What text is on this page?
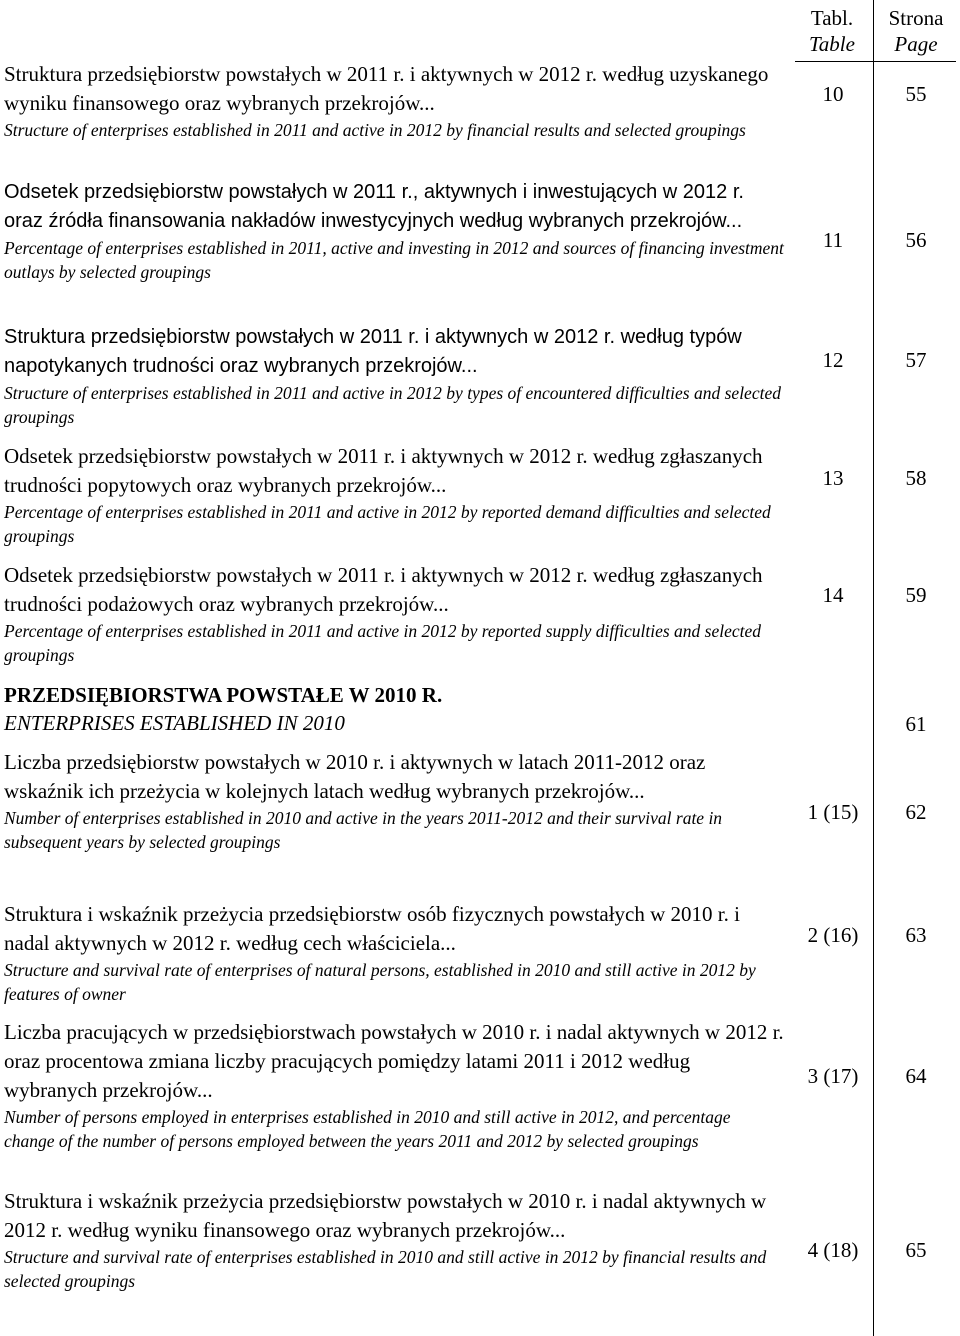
Tabl.
Table
Strona
Page
Struktura przedsiębiorstw powstałych w 2011 r. i aktywnych w 2012 r. według uzyskanego wyniku finansowego oraz wybranych przekrojów...
Structure of enterprises established in 2011 and active in 2012 by financial results and selected groupings
10	55
Odsetek przedsiębiorstw powstałych w 2011 r., aktywnych i inwestujących w 2012 r. oraz źródła finansowania nakładów inwestycyjnych według wybranych przekrojów...
Percentage of enterprises established in 2011, active and investing in 2012 and sources of financing investment outlays by selected groupings
11	56
Struktura przedsiębiorstw powstałych w 2011 r. i aktywnych w 2012 r. według typów napotykanych trudności oraz wybranych przekrojów...
Structure of enterprises established in 2011 and active in 2012 by types of encountered difficulties and selected groupings
12	57
Odsetek przedsiębiorstw powstałych w 2011 r. i aktywnych w 2012 r. według zgłaszanych trudności popytowych oraz wybranych przekrojów...
Percentage of enterprises established in 2011 and active in 2012 by reported demand difficulties and selected groupings
13	58
Odsetek przedsiębiorstw powstałych w 2011 r. i aktywnych w 2012 r. według zgłaszanych trudności podażowych oraz wybranych przekrojów...
Percentage of enterprises established in 2011 and active in 2012 by reported supply difficulties and selected groupings
14	59
PRZEDSIĘBIORSTWA POWSTAŁE W 2010 R.
ENTERPRISES ESTABLISHED IN 2010	61
Liczba przedsiębiorstw powstałych w 2010 r. i aktywnych w latach 2011-2012 oraz wskaźnik ich przeżycia w kolejnych latach według wybranych przekrojów...
Number of enterprises established in 2010 and active in the years 2011-2012 and their survival rate in subsequent years by selected groupings
1 (15)	62
Struktura i wskaźnik przeżycia przedsiębiorstw osób fizycznych powstałych w 2010 r. i nadal aktywnych w 2012 r. według cech właściciela...
Structure and survival rate of enterprises of natural persons, established in 2010 and still active in 2012 by features of owner
2 (16)	63
Liczba pracujących w przedsiębiorstwach powstałych w 2010 r. i nadal aktywnych w 2012 r. oraz procentowa zmiana liczby pracujących pomiędzy latami 2011 i 2012 według wybranych przekrojów...
Number of persons employed in enterprises established in 2010 and still active in 2012, and percentage change of the number of persons employed between the years 2011 and 2012 by selected groupings
3 (17)	64
Struktura i wskaźnik przeżycia przedsiębiorstw powstałych w 2010 r. i nadal aktywnych w 2012 r. według wyniku finansowego oraz wybranych przekrojów...
Structure and survival rate of enterprises established in 2010 and still active in 2012 by financial results and selected groupings
4 (18)	65
